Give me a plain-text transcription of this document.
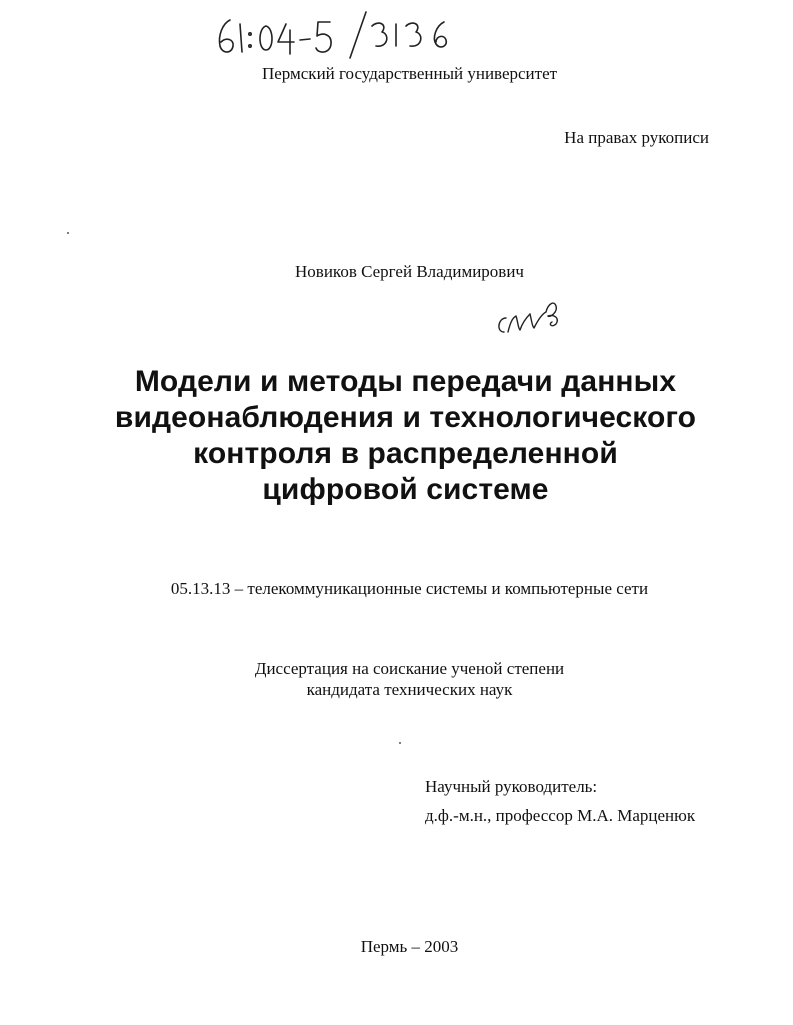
Пермский государственный университет
На правах рукописи
Новиков Сергей Владимирович
Модели и методы передачи данных
видеонаблюдения и технологического
контроля в распределенной
цифровой системе
05.13.13 – телекоммуникационные системы и компьютерные сети
Диссертация на соискание ученой степени
кандидата технических наук
Научный руководитель:
д.ф.-м.н., профессор М.А. Марценюк
Пермь – 2003
